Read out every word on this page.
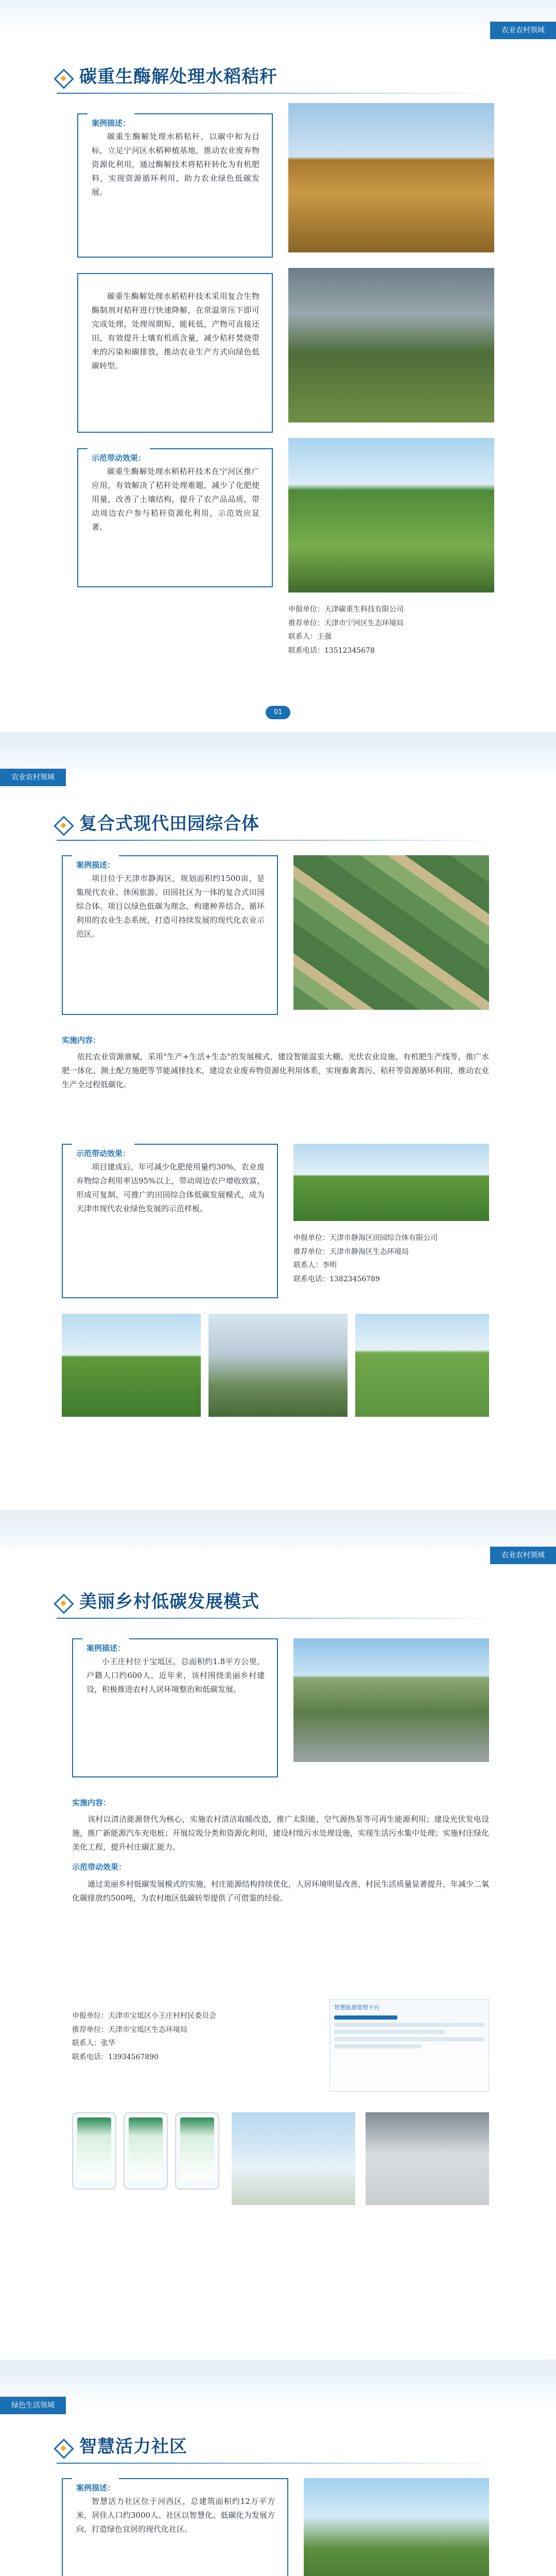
农业农村领域
碳重生酶解处理水稻秸秆
案例描述：

碳重生酶解处理水稻秸秆，以碳中和为目标，立足宁河区水稻种植基地，推动农业废弃物资源化利用，通过酶解技术将秸秆转化为有机肥料，实现资源循环利用，助力农业绿色低碳发展。

碳重生酶解处理水稻秸秆技术采用复合生物酶制剂对秸秆进行快速降解，在常温常压下即可完成处理，处理周期短，能耗低，产物可直接还田，有效提升土壤有机质含量，减少秸秆焚烧带来的污染和碳排放，推动农业生产方式向绿色低碳转型。

示范带动效果：

碳重生酶解处理水稻秸秆技术在宁河区推广应用，有效解决了秸秆处理难题，减少了化肥使用量，改善了土壤结构，提升了农产品品质，带动周边农户参与秸秆资源化利用，示范效应显著。

申报单位：天津碳重生科技有限公司
推荐单位：天津市宁河区生态环境局
联系人：王强
联系电话：13512345678
01
农业农村领域
复合式现代田园综合体
案例描述：

项目位于天津市静海区，规划面积约1500亩，是集现代农业、休闲旅游、田园社区为一体的复合式田园综合体。项目以绿色低碳为理念，构建种养结合、循环利用的农业生态系统，打造可持续发展的现代化农业示范区。

实施内容：

依托农业资源禀赋，采用"生产+生活+生态"的发展模式，建设智能温室大棚、光伏农业设施、有机肥生产线等，推广水肥一体化、测土配方施肥等节能减排技术，建设农业废弃物资源化利用体系，实现畜禽粪污、秸秆等资源循环利用，推动农业生产全过程低碳化。

示范带动效果：

项目建成后，年可减少化肥使用量约30%，农业废弃物综合利用率达95%以上，带动周边农户增收致富，形成可复制、可推广的田园综合体低碳发展模式，成为天津市现代农业绿色发展的示范样板。

申报单位：天津市静海区田园综合体有限公司
推荐单位：天津市静海区生态环境局
联系人：李明
联系电话：13823456789
农业农村领域
美丽乡村低碳发展模式
案例描述：

小王庄村位于宝坻区，总面积约1.8平方公里，户籍人口约600人。近年来，该村围绕美丽乡村建设，积极推进农村人居环境整治和低碳发展。

实施内容：

该村以清洁能源替代为核心，实施农村清洁取暖改造，推广太阳能、空气源热泵等可再生能源利用；建设光伏发电设施，推广新能源汽车充电桩；开展垃圾分类和资源化利用，建设村级污水处理设施，实现生活污水集中处理；实施村庄绿化美化工程，提升村庄碳汇能力。

示范带动效果：

通过美丽乡村低碳发展模式的实施，村庄能源结构持续优化，人居环境明显改善，村民生活质量显著提升，年减少二氧化碳排放约500吨，为农村地区低碳转型提供了可借鉴的经验。

申报单位：天津市宝坻区小王庄村村民委员会
推荐单位：天津市宝坻区生态环境局
联系人：张华
联系电话：13934567890
智慧能源管理平台
绿色生活领域
智慧活力社区
案例描述：

智慧活力社区位于河西区，总建筑面积约12万平方米，居住人口约3000人。社区以智慧化、低碳化为发展方向，打造绿色宜居的现代化社区。
